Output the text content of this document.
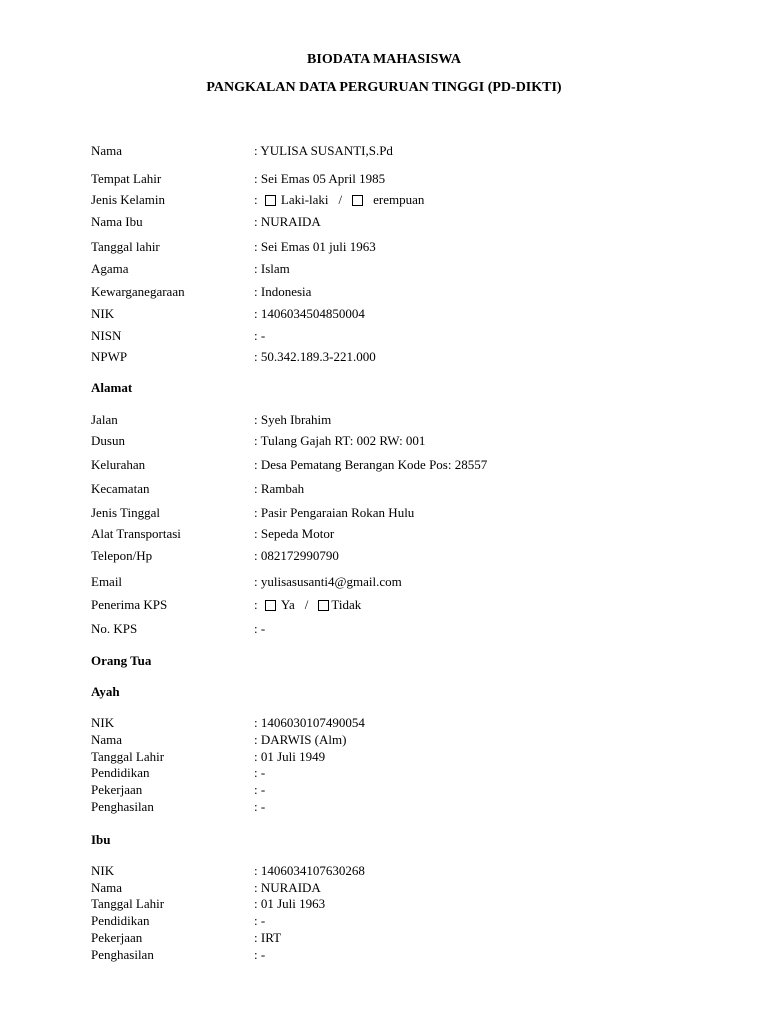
BIODATA MAHASISWA
PANGKALAN DATA PERGURUAN TINGGI (PD-DIKTI)
Nama	: YULISA SUSANTI,S.Pd
Tempat Lahir	: Sei Emas 05 April 1985
Jenis Kelamin	: Laki-laki / erempuan
Nama Ibu	: NURAIDA
Tanggal lahir	: Sei Emas 01 juli 1963
Agama	: Islam
Kewarganegaraan	: Indonesia
NIK	: 1406034504850004
NISN	: -
NPWP	: 50.342.189.3-221.000
Alamat
Jalan	: Syeh Ibrahim
Dusun	: Tulang Gajah RT: 002 RW: 001
Kelurahan	: Desa Pematang Berangan Kode Pos: 28557
Kecamatan	: Rambah
Jenis Tinggal	: Pasir Pengaraian Rokan Hulu
Alat Transportasi	: Sepeda Motor
Telepon/Hp	: 082172990790
Email	: yulisasusanti4@gmail.com
Penerima KPS	: Ya / Tidak
No. KPS	: -
Orang Tua
Ayah
NIK	: 1406030107490054
Nama	: DARWIS (Alm)
Tanggal Lahir	: 01 Juli 1949
Pendidikan	: -
Pekerjaan	: -
Penghasilan	: -
Ibu
NIK	: 1406034107630268
Nama	: NURAIDA
Tanggal Lahir	: 01 Juli 1963
Pendidikan	: -
Pekerjaan	: IRT
Penghasilan	: -
